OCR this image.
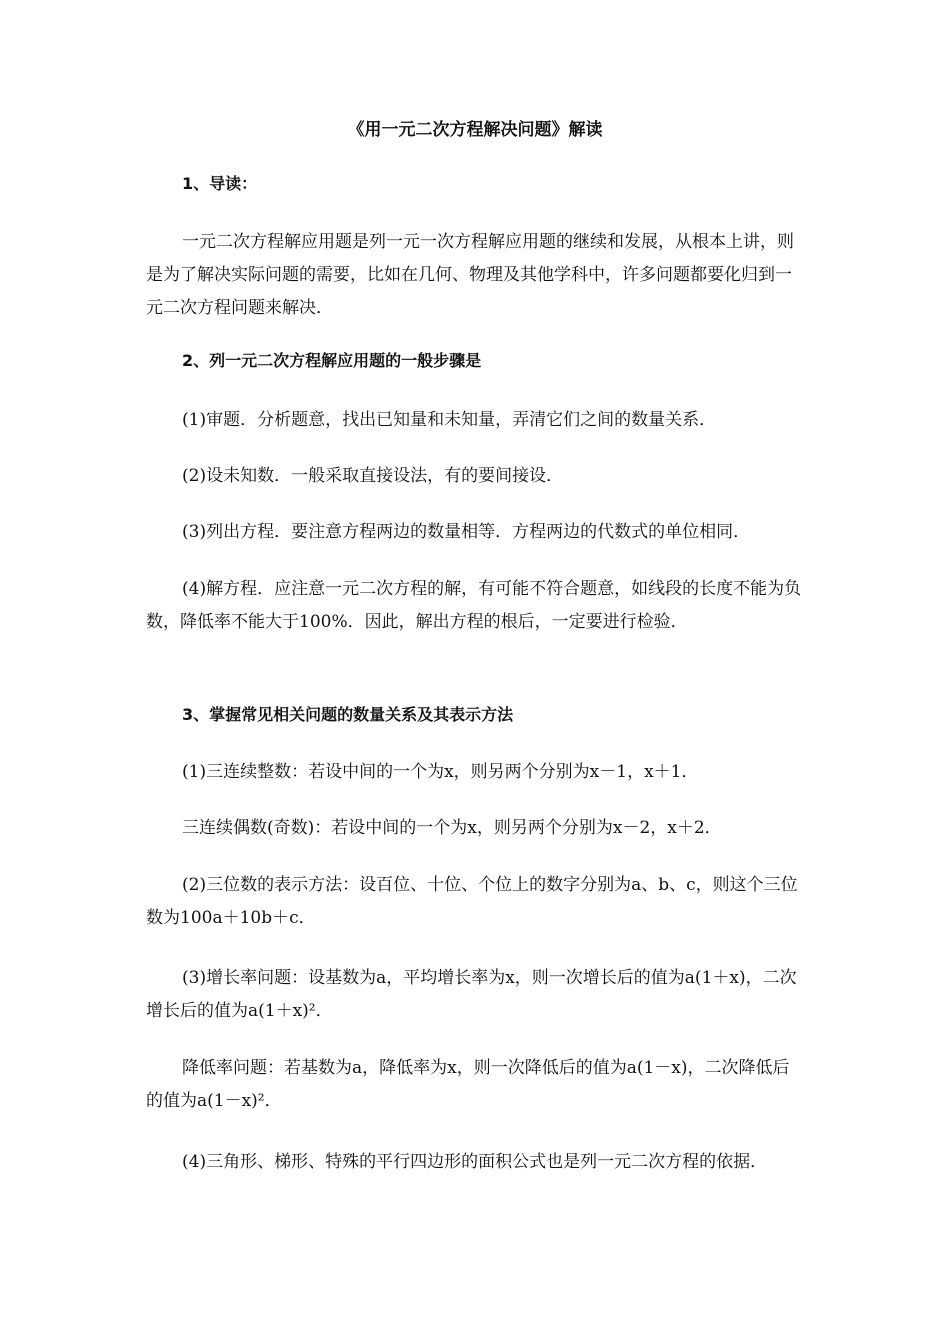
《用一元二次方程解决问题》解读
1、导读：

一元二次方程解应用题是列一元一次方程解应用题的继续和发展，从根本上讲，则是为了解决实际问题的需要，比如在几何、物理及其他学科中，许多问题都要化归到一元二次方程问题来解决．

2、列一元二次方程解应用题的一般步骤是

(1)审题．分析题意，找出已知量和未知量，弄清它们之间的数量关系．

(2)设未知数．一般采取直接设法，有的要间接设．

(3)列出方程．要注意方程两边的数量相等．方程两边的代数式的单位相同．

(4)解方程．应注意一元二次方程的解，有可能不符合题意，如线段的长度不能为负数，降低率不能大于100%．因此，解出方程的根后，一定要进行检验．

3、掌握常见相关问题的数量关系及其表示方法

(1)三连续整数：若设中间的一个为x，则另两个分别为x－1，x＋1．

三连续偶数(奇数)：若设中间的一个为x，则另两个分别为x－2，x＋2．

(2)三位数的表示方法：设百位、十位、个位上的数字分别为a、b、c，则这个三位数为100a＋10b＋c．

(3)增长率问题：设基数为a，平均增长率为x，则一次增长后的值为a(1＋x)，二次增长后的值为a(1＋x)²．

降低率问题：若基数为a，降低率为x，则一次降低后的值为a(1－x)，二次降低后的值为a(1－x)²．

(4)三角形、梯形、特殊的平行四边形的面积公式也是列一元二次方程的依据．
